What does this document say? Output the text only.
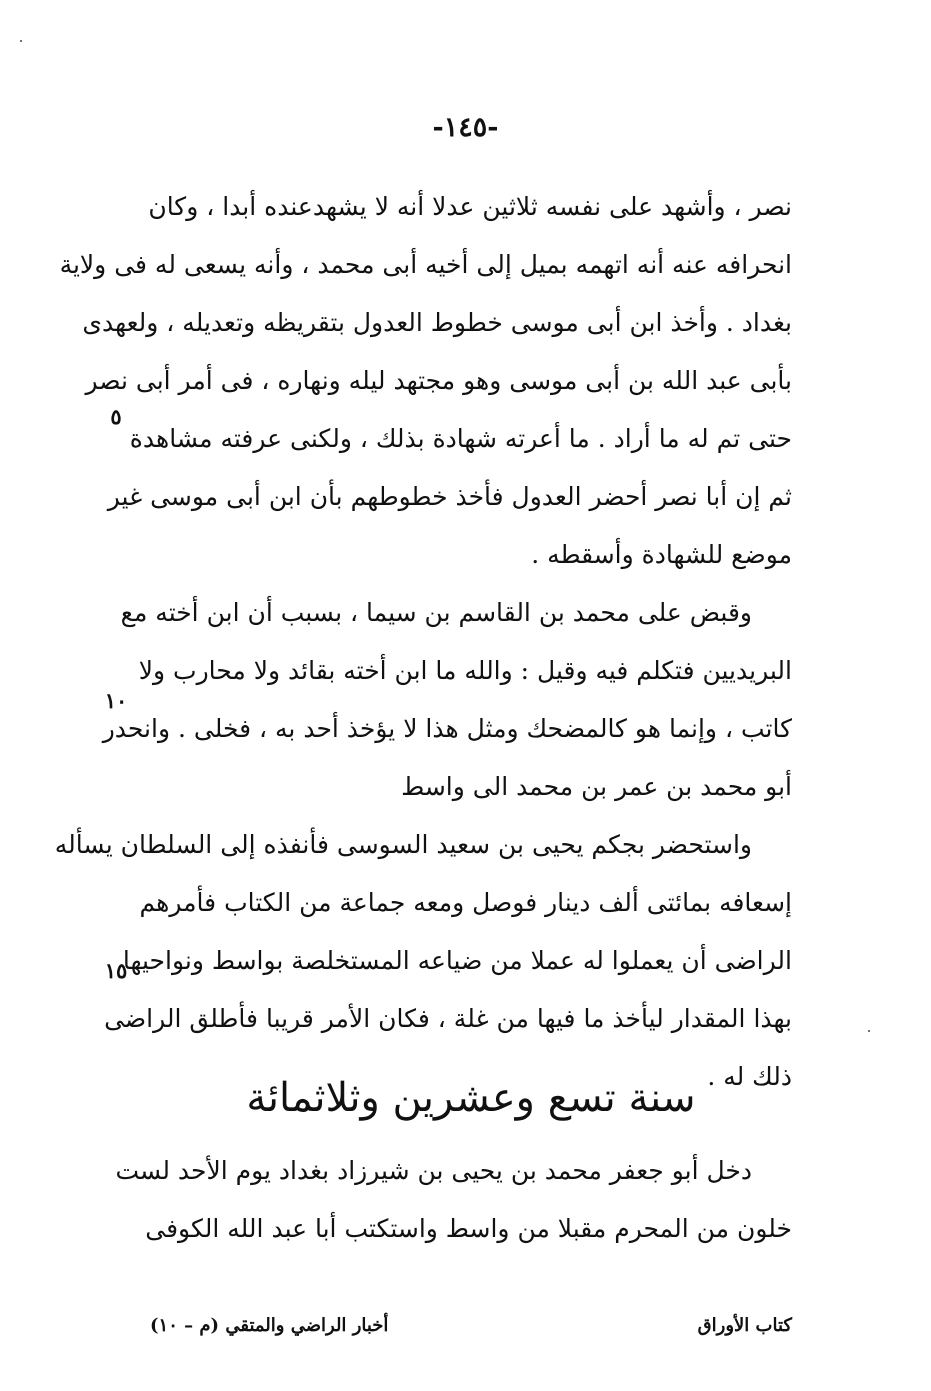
-١٤٥-
نصر ، وأشهد على نفسه ثلاثين عدلا أنه لا يشهدعنده أبدا ، وكان
انحرافه عنه أنه اتهمه بميل إلى أخيه أبى محمد ، وأنه يسعى له فى ولاية
بغداد . وأخذ ابن أبى موسى خطوط العدول بتقريظه وتعديله ، ولعهدى
بأبى عبد الله بن أبى موسى وهو مجتهد ليله ونهاره ، فى أمر أبى نصر
حتى تم له ما أراد . ما أعرته شهادة بذلك ، ولكنى عرفته مشاهدة
ثم إن أبا نصر أحضر العدول فأخذ خطوطهم بأن ابن أبى موسى غير
موضع للشهادة وأسقطه .
وقبض على محمد بن القاسم بن سيما ، بسبب أن ابن أخته مع
البريديين فتكلم فيه وقيل : والله ما ابن أخته بقائد ولا محارب ولا
كاتب ، وإنما هو كالمضحك ومثل هذا لا يؤخذ أحد به ، فخلى . وانحدر
أبو محمد بن عمر بن محمد الى واسط
واستحضر بجكم يحيى بن سعيد السوسى فأنفذه إلى السلطان يسأله
إسعافه بمائتى ألف دينار فوصل ومعه جماعة من الكتاب فأمرهم
الراضى أن يعملوا له عملا من ضياعه المستخلصة بواسط ونواحيها
بهذا المقدار ليأخذ ما فيها من غلة ، فكان الأمر قريبا فأطلق الراضى
ذلك له .
٥
١٠
١٥
سنة تسع وعشرين وثلاثمائة
دخل أبو جعفر محمد بن يحيى بن شيرزاد بغداد يوم الأحد لست
خلون من المحرم مقبلا من واسط واستكتب أبا عبد الله الكوفى
كتاب الأوراق
أخبار الراضي والمتقي (م – ١٠)
